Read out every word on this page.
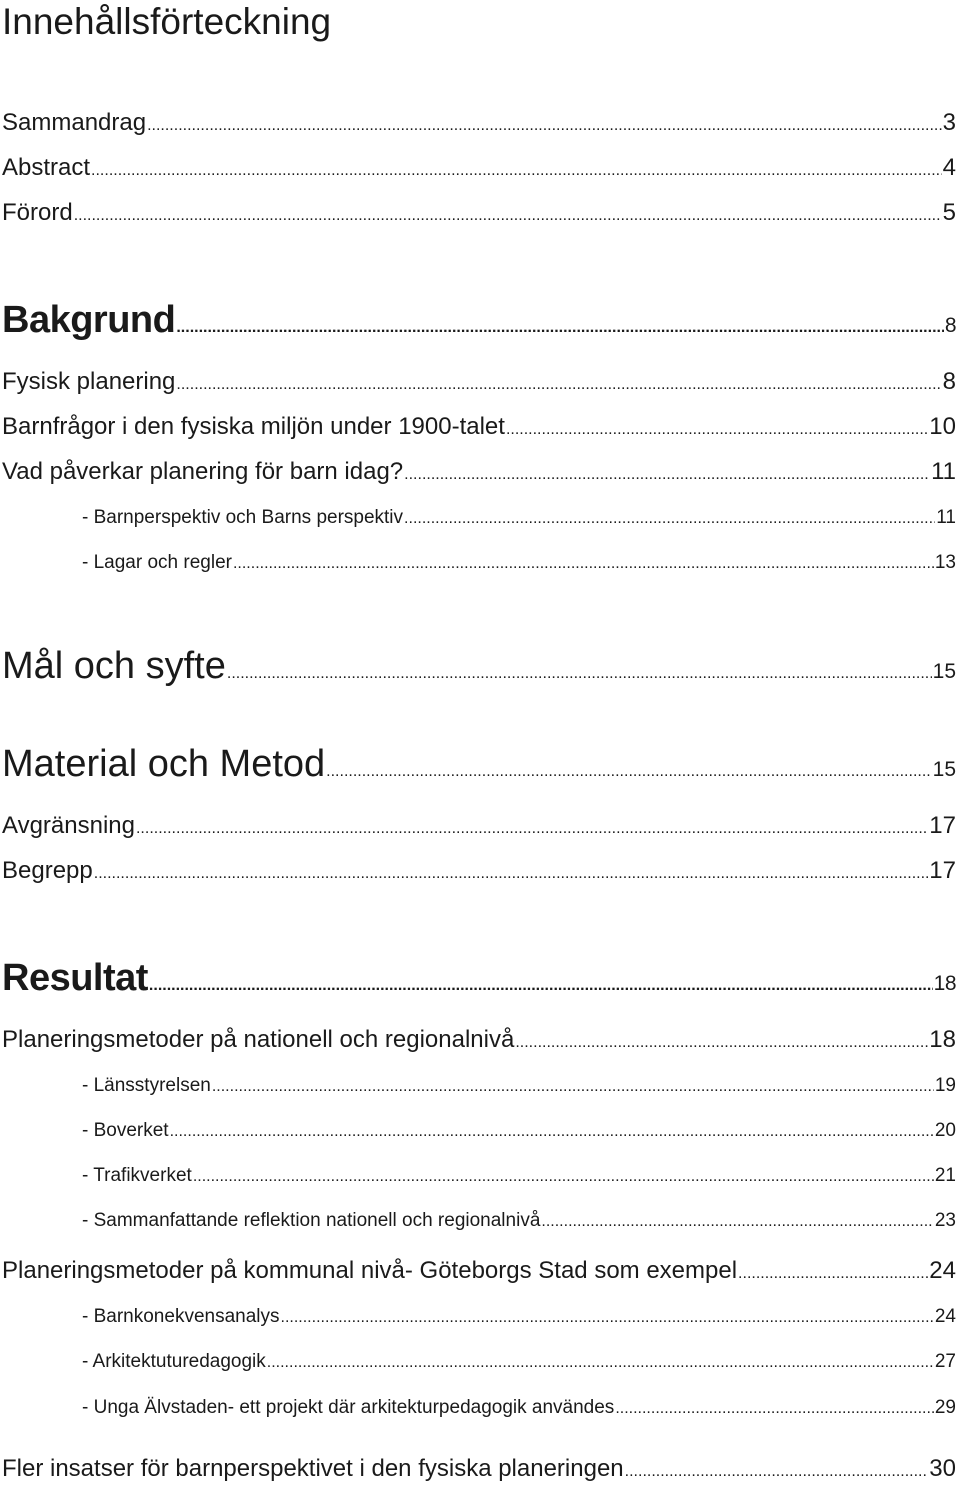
Innehållsförteckning
Sammandrag .....	3
Abstract .....	4
Förord .....	5
Bakgrund .....	8
Fysisk planering .....	8
Barnfrågor i den fysiska miljön under 1900-talet .....	10
Vad påverkar planering för barn idag? .....	11
- Barnperspektiv och Barns perspektiv .....	11
- Lagar och regler .....	13
Mål och syfte .....	15
Material och Metod .....	15
Avgränsning .....	17
Begrepp .....	17
Resultat .....	18
Planeringsmetoder på nationell och regionalnivå .....	18
- Länsstyrelsen .....	19
- Boverket .....	20
- Trafikverket .....	21
- Sammanfattande reflektion nationell och regionalnivå .....	23
Planeringsmetoder på kommunal nivå- Göteborgs Stad som exempel .....	24
- Barnkonekvensanalys .....	24
- Arkitektuturedagogik .....	27
- Unga Älvstaden- ett projekt där arkitekturpedagogik användes .....	29
Fler insatser för barnperspektivet i den fysiska planeringen .....	30
